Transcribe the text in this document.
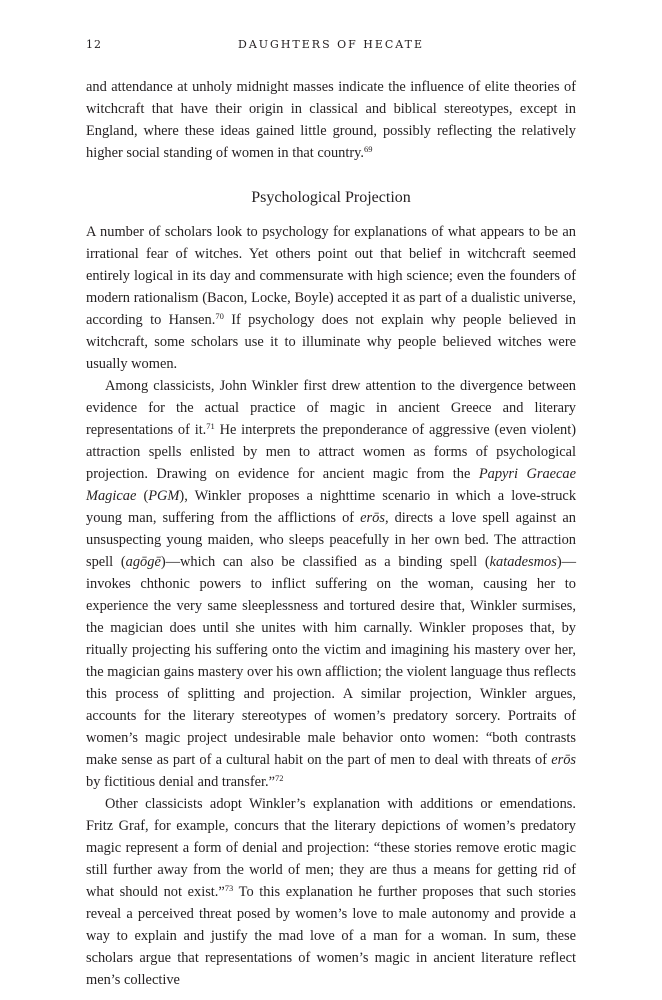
12	DAUGHTERS OF HECATE

and attendance at unholy midnight masses indicate the influence of elite theories of witchcraft that have their origin in classical and biblical stereotypes, except in England, where these ideas gained little ground, possibly reflecting the relatively higher social standing of women in that country.$^{69}$

Psychological Projection

A number of scholars look to psychology for explanations of what appears to be an irrational fear of witches. Yet others point out that belief in witchcraft seemed entirely logical in its day and commensurate with high science; even the founders of modern rationalism (Bacon, Locke, Boyle) accepted it as part of a dualistic universe, according to Hansen.$^{70}$ If psychology does not explain why people believed in witchcraft, some scholars use it to illuminate why people believed witches were usually women.

Among classicists, John Winkler first drew attention to the divergence between evidence for the actual practice of magic in ancient Greece and literary representations of it.$^{71}$ He interprets the preponderance of aggressive (even violent) attraction spells enlisted by men to attract women as forms of psychological projection. Drawing on evidence for ancient magic from the Papyri Graecae Magicae (PGM), Winkler proposes a nighttime scenario in which a love-struck young man, suffering from the afflictions of erōs, directs a love spell against an unsuspecting young maiden, who sleeps peacefully in her own bed. The attraction spell (agōgē)—which can also be classified as a binding spell (katadesmos)—invokes chthonic powers to inflict suffering on the woman, causing her to experience the very same sleeplessness and tortured desire that, Winkler surmises, the magician does until she unites with him carnally. Winkler proposes that, by ritually projecting his suffering onto the victim and imagining his mastery over her, the magician gains mastery over his own affliction; the violent language thus reflects this process of splitting and projection. A similar projection, Winkler argues, accounts for the literary stereotypes of women’s predatory sorcery. Portraits of women’s magic project undesirable male behavior onto women: “both contrasts make sense as part of a cultural habit on the part of men to deal with threats of erōs by fictitious denial and transfer.”$^{72}$

Other classicists adopt Winkler’s explanation with additions or emendations. Fritz Graf, for example, concurs that the literary depictions of women’s predatory magic represent a form of denial and projection: “these stories remove erotic magic still further away from the world of men; they are thus a means for getting rid of what should not exist.”$^{73}$ To this explanation he further proposes that such stories reveal a perceived threat posed by women’s love to male autonomy and provide a way to explain and justify the mad love of a man for a woman. In sum, these scholars argue that representations of women’s magic in ancient literature reflect men’s collective
